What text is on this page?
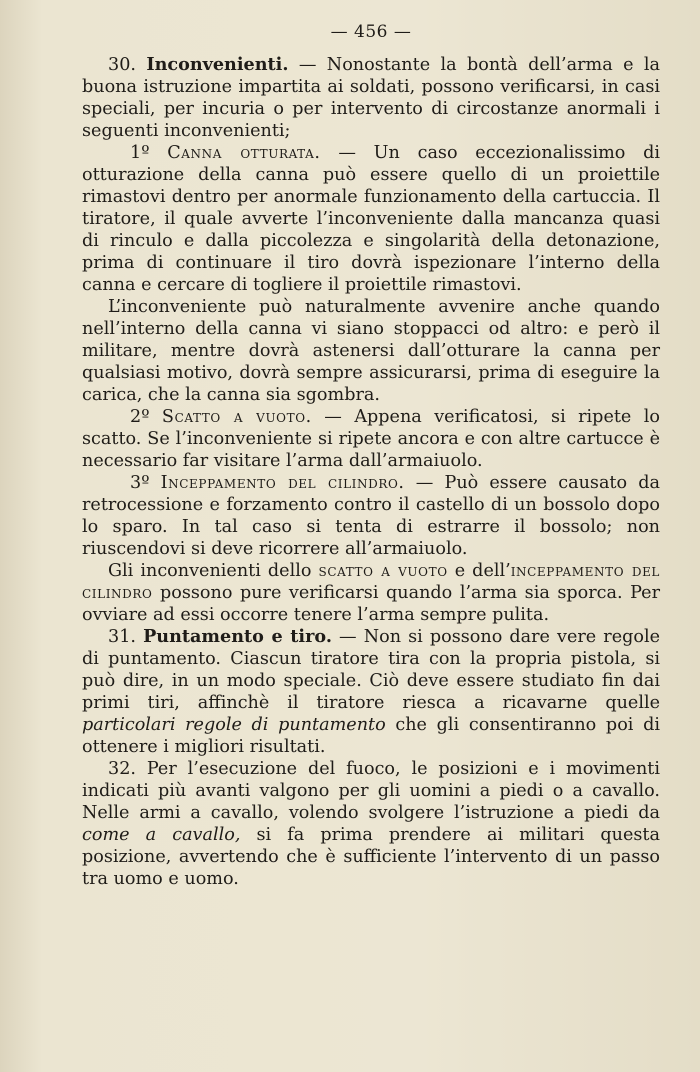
— 456 —

30. Inconvenienti. — Nonostante la bontà dell’arma e la buona istruzione impartita ai soldati, possono verificarsi, in casi speciali, per incuria o per intervento di circostanze anormali i seguenti inconvenienti;

1º Canna otturata. — Un caso eccezionalissimo di otturazione della canna può essere quello di un proiettile rimastovi dentro per anormale funzionamento della cartuccia. Il tiratore, il quale avverte l’inconveniente dalla mancanza quasi di rinculo e dalla piccolezza e singolarità della detonazione, prima di continuare il tiro dovrà ispezionare l’interno della canna e cercare di togliere il proiettile rimastovi.

L’inconveniente può naturalmente avvenire anche quando nell’interno della canna vi siano stoppacci od altro: e però il militare, mentre dovrà astenersi dall’otturare la canna per qualsiasi motivo, dovrà sempre assicurarsi, prima di eseguire la carica, che la canna sia sgombra.

2º Scatto a vuoto. — Appena verificatosi, si ripete lo scatto. Se l’inconveniente si ripete ancora e con altre cartucce è necessario far visitare l’arma dall’armaiuolo.

3º Inceppamento del cilindro. — Può essere causato da retrocessione e forzamento contro il castello di un bossolo dopo lo sparo. In tal caso si tenta di estrarre il bossolo; non riuscendovi si deve ricorrere all’armaiuolo.

Gli inconvenienti dello scatto a vuoto e dell’inceppamento del cilindro possono pure verificarsi quando l’arma sia sporca. Per ovviare ad essi occorre tenere l’arma sempre pulita.

31. Puntamento e tiro. — Non si possono dare vere regole di puntamento. Ciascun tiratore tira con la propria pistola, si può dire, in un modo speciale. Ciò deve essere studiato fin dai primi tiri, affinchè il tiratore riesca a ricavarne quelle particolari regole di puntamento che gli consentiranno poi di ottenere i migliori risultati.

32. Per l’esecuzione del fuoco, le posizioni e i movimenti indicati più avanti valgono per gli uomini a piedi o a cavallo. Nelle armi a cavallo, volendo svolgere l’istruzione a piedi da come a cavallo, si fa prima prendere ai militari questa posizione, avvertendo che è sufficiente l’intervento di un passo tra uomo e uomo.
